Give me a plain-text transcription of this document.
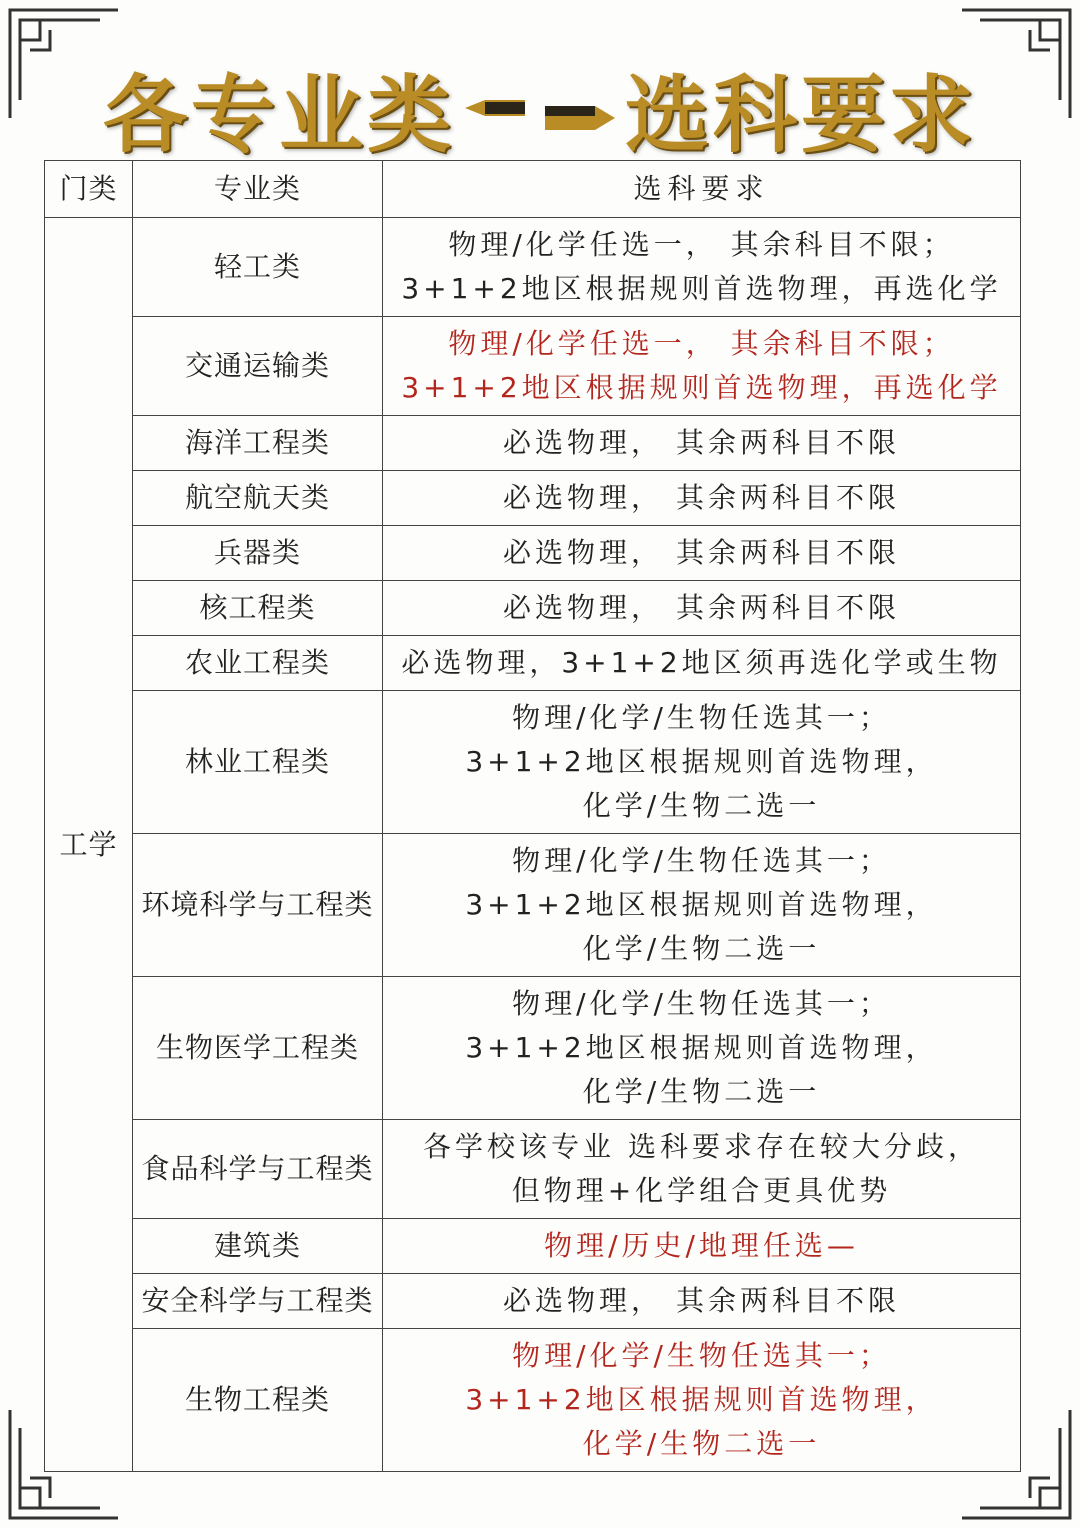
各专业类 选科要求
门类	专业类	选科要求
工学	轻工类	物理/化学任选一， 其余科目不限；
3+1+2地区根据规则首选物理，再选化学

	交通运输类	物理/化学任选一， 其余科目不限；
3+1+2地区根据规则首选物理，再选化学

	海洋工程类	必选物理， 其余两科目不限

	航空航天类	必选物理， 其余两科目不限

	兵器类	必选物理， 其余两科目不限

	核工程类	必选物理， 其余两科目不限

	农业工程类	必选物理，3+1+2地区须再选化学或生物

	林业工程类	物理/化学/生物任选其一；
3+1+2地区根据规则首选物理，
化学/生物二选一

	环境科学与工程类	物理/化学/生物任选其一；
3+1+2地区根据规则首选物理，
化学/生物二选一

	生物医学工程类	物理/化学/生物任选其一；
3+1+2地区根据规则首选物理，
化学/生物二选一

	食品科学与工程类	各学校该专业 选科要求存在较大分歧，
但物理+化学组合更具优势

	建筑类	物理/历史/地理任选—

	安全科学与工程类	必选物理， 其余两科目不限

	生物工程类	物理/化学/生物任选其一；
3+1+2地区根据规则首选物理，
化学/生物二选一
